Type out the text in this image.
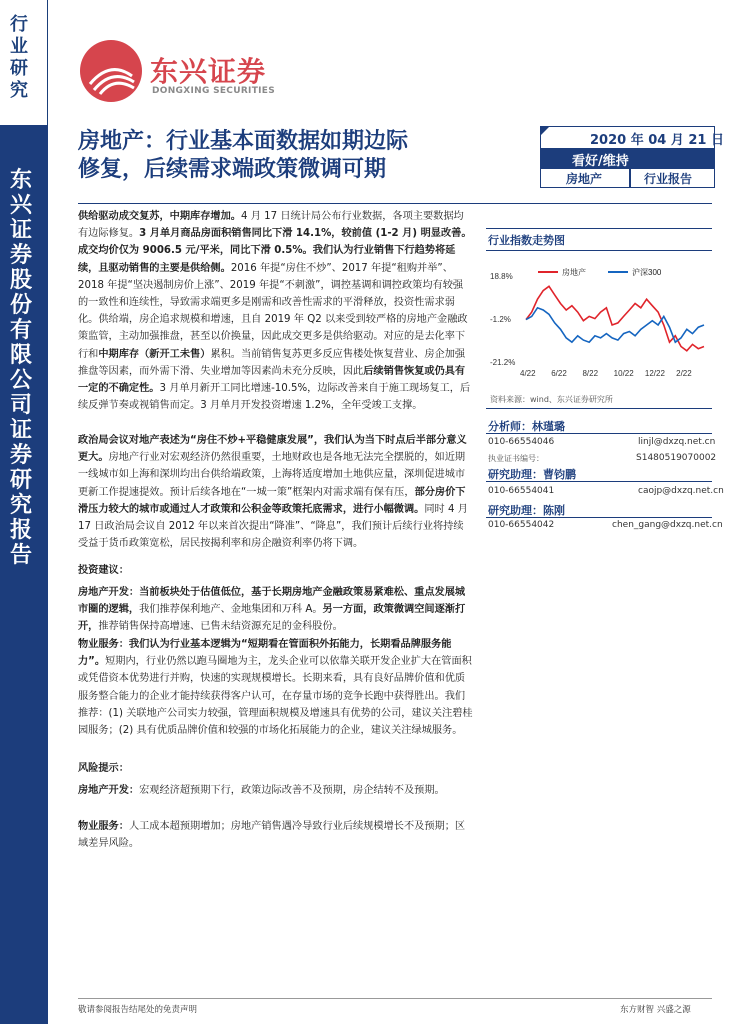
行业研究
东兴证券股份有限公司证券研究报告
东兴证券
DONGXING SECURITIES
房地产：行业基本面数据如期边际
修复，后续需求端政策微调可期
2020 年 04 月 21 日
看好/维持
房地产	行业报告
供给驱动成交复苏，中期库存增加。4 月 17 日统计局公布行业数据，各项主要数据均有边际修复。3 月单月商品房面积销售同比下滑 14.1%，较前值 (1-2 月) 明显改善。成交均价仅为 9006.5 元/平米，同比下滑 0.5%。我们认为行业销售下行趋势将延续，且驱动销售的主要是供给侧。2016 年提“房住不炒”、2017 年提“租购并举”、2018 年提“坚决遏制房价上涨”、2019 年提“不刺激”，调控基调和调控政策均有较强的一致性和连续性，导致需求端更多是刚需和改善性需求的平滑释放，投资性需求弱化。供给端，房企追求规模和增速，且自 2019 年 Q2 以来受到较严格的房地产金融政策监管，主动加强推盘，甚至以价换量，因此成交更多是供给驱动。对应的是去化率下行和中期库存（新开工未售）累积。当前销售复苏更多反应售楼处恢复营业、房企加强推盘等因素，而外需下滑、失业增加等因素尚未充分反映，因此后续销售恢复或仍具有一定的不确定性。3 月单月新开工同比增速-10.5%，边际改善来自于施工现场复工，后续反弹节奏或视销售而定。3 月单月开发投资增速 1.2%，全年受竣工支撑。
政治局会议对地产表述为“房住不炒+平稳健康发展”，我们认为当下时点后半部分意义更大。房地产行业对宏观经济仍然很重要，土地财政也是各地无法完全摆脱的，如近期一线城市如上海和深圳均出台供给端政策，上海将适度增加土地供应量，深圳促进城市更新工作提速提效。预计后续各地在“一城一策”框架内对需求端有保有压，部分房价下滑压力较大的城市或通过人才政策和公积金等政策托底需求，进行小幅微调。同时 4 月 17 日政治局会议自 2012 年以来首次提出“降准”、“降息”，我们预计后续行业将持续受益于货币政策宽松，居民按揭利率和房企融资利率仍将下调。
投资建议：
房地产开发：当前板块处于估值低位，基于长期房地产金融政策易紧难松、重点发展城市圈的逻辑，我们推荐保利地产、金地集团和万科 A。另一方面，政策微调空间逐渐打开，推荐销售保持高增速、已售未结资源充足的金科股份。
物业服务：我们认为行业基本逻辑为“短期看在管面积外拓能力，长期看品牌服务能力”。短期内，行业仍然以跑马圈地为主，龙头企业可以依靠关联开发企业扩大在管面积或凭借资本优势进行并购，快速的实现规模增长。长期来看，具有良好品牌价值和优质服务整合能力的企业才能持续获得客户认可，在存量市场的竞争长跑中获得胜出。我们推荐：(1) 关联地产公司实力较强，管理面积规模及增速具有优势的公司，建议关注碧桂园服务；(2) 具有优质品牌价值和较强的市场化拓展能力的企业，建议关注绿城服务。
风险提示：
房地产开发：宏观经济超预期下行，政策边际改善不及预期，房企结转不及预期。
物业服务：人工成本超预期增加；房地产销售遇冷导致行业后续规模增长不及预期；区域差异风险。
行业指数走势图
18.8%
-1.2%
-21.2%
4/22 6/22 8/22 10/22 12/22 2/22
房地产	沪深300
资料来源：wind、东兴证券研究所
分析师：林瑾璐
010-66554046	linjl@dxzq.net.cn
执业证书编号：	S1480519070002
研究助理：曹钧鹏
010-66554041	caojp@dxzq.net.cn
研究助理：陈刚
010-66554042	chen_gang@dxzq.net.cn
敬请参阅报告结尾处的免责声明	东方财智 兴盛之源
